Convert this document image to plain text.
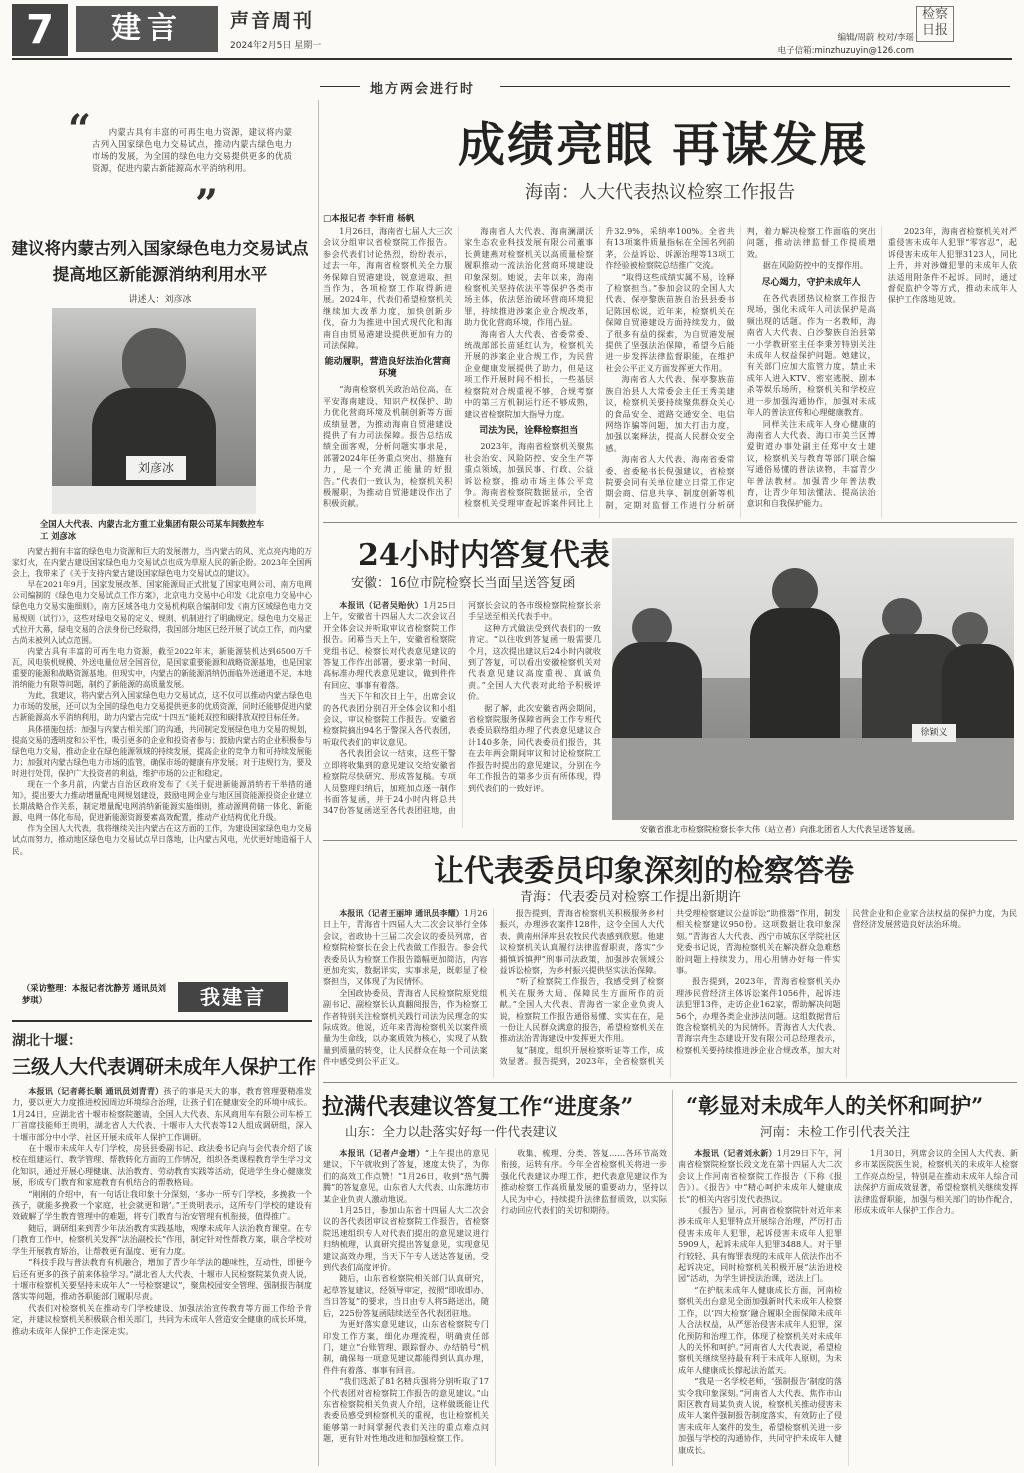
7	建言	声音周刊
2024年2月5日 星期一
编辑/周蔚 校对/李瑶
电子信箱:minzhuzuyin@126.com
检察日报
地方两会进行时
“	内蒙古具有丰富的可再生电力资源，建议将内蒙古列入国家绿色电力交易试点，推动内蒙古绿色电力市场的发展，为全国的绿色电力交易提供更多的优质资源，促进内蒙古新能源高水平消纳利用。
”
建议将内蒙古列入国家绿色电力交易试点
提高地区新能源消纳利用水平
讲述人：刘彦冰
刘彦冰
全国人大代表、内蒙古北方重工业集团有限公司某车间数控车工 刘彦冰

内蒙古拥有丰富的绿色电力资源和巨大的发展潜力，当内蒙古的风、光点亮内地的万家灯火，在内蒙古建设国家绿色电力交易试点也成为草原人民的新企盼。2023年全国两会上，我带来了《关于支持内蒙古建设国家绿色电力交易试点的建议》。

早在2021年9月，国家发展改革、国家能源局正式批复了国家电网公司、南方电网公司编制的《绿色电力交易试点工作方案》，北京电力交易中心印发《北京电力交易中心绿色电力交易实施细则》，南方区域各电力交易机构联合编制印发《南方区域绿色电力交易规则（试行）》，这些对绿电交易的定义、规则、机制进行了明确规定。绿色电力交易正式拉开大幕，绿电交易的合法身份已经取得，我国部分地区已经开展了试点工作，而内蒙古尚未被列入试点范围。

内蒙古具有丰富的可再生电力资源，截至2022年末，新能源装机达到6500万千瓦，风电装机规模、外送电量位居全国首位，是国家重要能源和战略资源基地，也是国家重要的能源和战略资源基地。但现实中，内蒙古的新能源消纳仍面临外送通道不足、本地消纳能力有限等问题，制约了新能源的高质量发展。

为此，我建议，将内蒙古列入国家绿色电力交易试点，这不仅可以推动内蒙古绿色电力市场的发展，还可以为全国的绿色电力交易提供更多的优质资源，同时还能够促进内蒙古新能源高水平消纳利用，助力内蒙古完成“十四五”能耗双控和碳排放双控目标任务。

具体措施包括：加强与内蒙古相关部门的沟通，共同制定发展绿色电力交易的规划，提高交易的透明度和公平性，吸引更多的企业和投资者参与；鼓励内蒙古的企业积极参与绿色电力交易，推动企业在绿色能源领域的持续发展，提高企业的竞争力和可持续发展能力；加强对内蒙古绿色电力市场的监管，确保市场的健康有序发展；对于违规行为，要及时进行处罚，保护广大投资者的利益，维护市场的公正和稳定。

现在一个多月前，内蒙古自治区政府发布了《关于促进新能源消纳若干举措的通知》，提出要大力推动增量配电网规划建设，鼓励电网企业与地区国资能源投资企业建立长期战略合作关系，制定增量配电网消纳新能源实施细则，推动源网荷储一体化、新能源、电网一体化布局，促进新能源资源要素高效配置，推动产业结构优化升级。

作为全国人大代表，我将继续关注内蒙古在这方面的工作，为建设国家绿色电力交易试点而努力，推动地区绿色电力交易试点早日落地，让内蒙古风电，光伏更好地造福于人民。

（采访整理：本报记者沈静芳 通讯员刘梦琪）	我建言
湖北十堰：
三级人大代表调研未成年人保护工作

本报讯（记者蒋长顺 通讯员刘青青）孩子的事是天大的事，教育管理要精准发力，要以更大力度推进校园周边环境综合治理，让孩子们在健康安全的环境中成长。1月24日，应湖北省十堰市检察院邀请，全国人大代表、东风商用车有限公司车桥工厂首席技能师王贵明，湖北省人大代表、十堰市人大代表等12人组成调研组，深入十堰市部分中小学、社区开展未成年人保护工作调研。

在十堰市未成年人专门学校，房县县委副书记、政法委书记向与会代表介绍了该校在组建运行、教学管理、帮教转化方面的工作情况，组织各类课程教育学生学习文化知识，通过开展心理健康、法治教育、劳动教育实践等活动，促进学生身心健康发展，形成专门教育和家庭教育有机结合的帮教格局。

“刚刚的介绍中，有一句话让我印象十分深刻，‘多办一所专门学校，多挽救一个孩子，就能多挽救一个家庭，社会就更和谐’。”王贵明表示，这所专门学校的建设有效破解了学生教育管理中的难题，将专门教育与治安管理有机衔接，值得推广。

随后，调研组来到青少年法治教育实践基地，观摩未成年人法治教育课堂。在专门教育工作中，检察机关发挥“法治副校长”作用，制定针对性帮教方案，联合学校对学生开展教育矫治，让帮教更有温度、更有力度。

“科技手段与普法教育有机融合，增加了青少年学法的趣味性，互动性，即便今后还有更多的孩子前来体验学习。”湖北省人大代表、十堰市人民检察院某负责人说，十堰市检察机关要坚持未成年人“一号检察建议”，聚焦校园安全管理、强制报告制度落实等问题，推动各职能部门履职尽责。

代表们对检察机关在推动专门学校建设、加强法治宣传教育等方面工作给予肯定，并建议检察机关积极联合相关部门，共同为未成年人营造安全健康的成长环境，推动未成年人保护工作走深走实。

成绩亮眼 再谋发展
海南：人大代表热议检察工作报告
□本报记者 李轩甫 杨帆

1月26日，海南省七届人大三次会议分组审议省检察院工作报告。参会代表们讨论热烈，纷纷表示，过去一年，海南省检察机关全力服务保障自贸港建设，锐意进取、担当作为，各项检察工作取得新进展。2024年，代表们希望检察机关继续加大改革力度，加快创新步伐，奋力为推进中国式现代化和海南自由贸易港建设提供更加有力的司法保障。

能动履职，营造良好法治化营商环境

“海南检察机关政治站位高，在平安海南建设、知识产权保护、助力优化营商环境及机制创新等方面成绩显著，为推动海南自贸港建设提供了有力司法保障。报告总结成绩全面客观，分析问题实事求是，部署2024年任务重点突出、措施有力，是一个充满正能量的好报告。”代表们一致认为，检察机关积极履职，为推动自贸港建设作出了积极贡献。

海南省人大代表、海南澜湖沃家生态农业科技发展有限公司董事长黄建燕对检察机关以高质量检察履职推动一流法治化营商环境建设印象深刻。她说，去年以来，海南检察机关坚持依法平等保护各类市场主体，依法惩治破坏营商环境犯罪，持续推进涉案企业合规改革，助力优化营商环境，作用凸显。

海南省人大代表、省委常委、统战部部长苗延红认为，检察机关开展的涉案企业合规工作，为民营企业健康发展提供了助力，但是这项工作开展时间不相长，一些基层检察院对合规重视不够，合规考察中的第三方机制运行还不够成熟，建议省检察院加大指导力度。

司法为民，诠释检察担当

2023年，海南省检察机关聚焦社会治安、风险防控、安全生产等重点领域，加强民事、行政、公益诉讼检察，推动市场主体公平竞争。海南省检察院数据显示，全省检察机关受理审查起诉案件同比上升32.9%，采纳率100%。全省共有13项案件质量指标在全国名列前茅，公益诉讼、诉源治理等13项工作经验被检察院总结推广交流。

“取得这些成绩实属不易，诠释了检察担当。”参加会议的全国人大代表、保亭黎族苗族自治县县委书记陈国松说，近年来，检察机关在保障自贸港建设方面持续发力，做了很多有益的探索，为自贸港发展提供了坚强法治保障，希望今后能进一步发挥法律监督职能，在维护社会公平正义方面发挥更大作用。

海南省人大代表、保亭黎族苗族自治县人大常委会主任王秀美建议，检察机关要持续聚焦群众关心的食品安全、道路交通安全、电信网络诈骗等问题，加大打击力度，加强以案释法，提高人民群众安全感。

海南省人大代表、海南省委常委、省委秘书长倪强建议，省检察院要会同有关单位建立日常工作定期会商、信息共享、制度创新等机制，定期对监督工作进行分析研判，着力解决检察工作面临的突出问题，推动法律监督工作提质增效。

据在风险防控中的支撑作用。

尽心竭力，守护未成年人

在各代表团热议检察工作报告现场，强化未成年人司法保护是高频出现的话题。作为一名教师，海南省人大代表、白沙黎族自治县第一小学教研室主任李秉芳特别关注未成年人权益保护问题。她建议，有关部门应加大监管力度，禁止未成年人进入KTV、密室逃脱、剧本杀等娱乐场所，检察机关和学校应进一步加强沟通协作，加强对未成年人的普法宣传和心理健康教育。

同样关注未成年人身心健康的海南省人大代表、海口市美兰区博爱街道办事处副主任郑中女士建议，检察机关与教育等部门联合编写通俗易懂的普法读物，丰富青少年普法教材。加强青少年普法教育，让青少年知法懂法、提高法治意识和自我保护能力。

2023年，海南省检察机关对严重侵害未成年人犯罪“零容忍”，起诉侵害未成年人犯罪3123人，同比上升，并对涉嫌犯罪的未成年人依法适用附条件不起诉。同时，通过督促监护令等方式，推动未成年人保护工作落地见效。

24小时内答复代表
安徽：16位市院检察长当面呈送答复函

本报讯（记者吴贻伙）1月25日上午，安徽省十四届人大二次会议召开全体会议并听取审议省检察院工作报告。闭幕当天上午，安徽省检察院党组书记、检察长对代表意见建议的答复工作作出部署，要求第一时间、高标准办理代表意见建议，做到件件有回应、事事有着落。

当天下午和次日上午，出席会议的各代表团分别召开全体会议和小组会议，审议检察院工作报告。安徽省检察院摘出94名于警深入各代表团，听取代表们的审议意见。

各代表团会议一结束，这些干警立即将收集到的意见建议交给安徽省检察院尽快研究、形成答复稿。专项人员整理归纳后，加班加点逐一制作书面答复函，并于24小时内将总共347份答复函送至各代表团驻地，由河察长会议的各市级检察院检察长亲手呈送至相关代表手中。

这种方式做法受到代表们的一致肯定。“以往收到答复函一般需要几个月，这次提出建议后24小时内就收到了答复，可以看出安徽检察机关对代表意见建议高度重视、真诚负责。”全国人大代表对此给予积极评价。

据了解，此次安徽省两会期间，省检察院服务保障省两会工作专班代表委员联络组办理了代表意见建议合计140多条，同代表委员们报告，其在去年两会期间审议和讨论检察院工作报告时提出的意见建议，分别在今年工作报告的第多少页有所体现，得到代表们的一致好评。

徐颖义
安徽省淮北市检察院检察长李大伟（站立者）向淮北团省人大代表呈送答复函。
让代表委员印象深刻的检察答卷
青海：代表委员对检察工作提出新期许

本报讯（记者王丽坤 通讯员李耀）1月26日上午，青海省十四届人大二次会议举行全体会议，省政协十三届二次会议的委员列席，省检察院检察长在会上代表做工作报告。参会代表委员认为检察工作报告篇幅更加简洁，内容更加充实，数据详实，实事求是，既彰显了检察担当，又体现了为民情怀。

全国政协委员、青海省人民检察院原党组副书记、副检察长认真翻阅报告，作为检察工作者特别关注检察机关践行司法为民理念的实际成效。他说，近年来青海检察机关以案件质量为生命线，以办案质效为核心，实现了从数量到质量的转变，让人民群众在每一个司法案件中感受到公平正义。

报告提到，青海省检察机关积极服务乡村振兴，办理涉农案件128件，这令全国人大代表、黄南州泽库县农牧民代表感到欣慰。他建议检察机关认真履行法律监督职责，落实“少捕慎诉慎押”刑事司法政策，加强涉农领域公益诉讼检察，为乡村振兴提供坚实法治保障。

“听了检察院工作报告，我感受到了检察机关在服务大局、保障民生方面所作的贡献。”全国人大代表、青海省一家企业负责人说，检察院工作报告通俗易懂、实实在在，是一份让人民群众满意的报告，希望检察机关在推动法治青海建设中发挥更大作用。

复”制度，组织开展检察听证等工作，成效显著。报告提到，2023年，全省检察机关共受理检察建议公益诉讼“助推器”作用，制发相关检察建议950份。这项数据让我印象深刻。”青海省人大代表、西宁市城东区学院社区党委书记说，青海检察机关在解决群众急难愁盼问题上持续发力，用心用情办好每一件实事。

报告提到，2023年，青海省检察机关办理涉民营经济主体诉讼案件1056件，起诉违法犯罪13件，走访企业162家，帮助解决问题56个，办理各类企业涉法问题。这组数据背后饱含检察机关的为民情怀。青海省人大代表、青海宗舟生态建设开发有限公司总经理表示，检察机关要持续推进涉企业合规改革，加大对民营企业和企业家合法权益的保护力度，为民营经济发展营造良好法治环境。

拉满代表建议答复工作“进度条”
山东：全力以赴落实好每一件代表建议

本报讯（记者卢金增）“上午提出的意见建议，下午就收到了答复，速度太快了，为你们的高效工作点赞！”1月26日，收到“热气腾腾”的答复意见，山东省人大代表、山东潍坊市某企业负责人激动地说。

1月25日，参加山东省十四届人大二次会议的各代表团审议省检察院工作报告，省检察院迅速组织专人对代表们提出的意见建议进行归纳梳理，认真研究提出答复意见，实现意见建议高效办理，当天下午专人送达答复函，受到代表们高度评价。

随后，山东省检察院相关部门认真研究，起草答复建议，经领导审定，按照“即收即办、当日答复”的要求，当日由专人将5路送出，随后，225份答复函陆续送至各代表团驻地。

为更好落实意见建议，山东省检察院专门印发工作方案，细化办理流程，明确责任部门，建立“台账管理、跟踪督办、办结销号”机制，确保每一项意见建议都能得到认真办理，件件有着落、事事有回音。

“我们选派了81名精兵强将分别听取了17个代表团对省检察院工作报告的意见建议。”山东省检察院相关负责人介绍，这样做既能让代表委员感受到检察机关的重视，也让检察机关能够第一时间掌握代表们关注的重点难点问题，更有针对性地改进和加强检察工作。

收集、梳理、分类、答复……各环节高效衔接，运转有序。今年全省检察机关将进一步强化代表建议办理工作，把代表意见建议作为推动检察工作高质量发展的重要动力，坚持以人民为中心，持续提升法律监督质效，以实际行动回应代表们的关切和期待。

“彰显对未成年人的关怀和呵护”
河南：未检工作引代表关注

本报讯（记者刘永新）1月29日下午，河南省检察院检察长段文龙在第十四届人大二次会议上作河南省检察院工作报告（下称《报告》）。《报告》中“精心呵护未成年人健康成长”的相关内容引发代表热议。

《报告》显示，河南省检察院针对近年来涉未成年人犯罪特点开展综合治理，严厉打击侵害未成年人犯罪，起诉侵害未成年人犯罪5909人，起诉未成年人犯罪3488人。对于罪行较轻、具有悔罪表现的未成年人依法作出不起诉决定，同时检察机关积极开展“法治进校园”活动，为学生讲授法治课，送法上门。

“在护航未成年人健康成长方面，河南检察机关出台意见全面加强新时代未成年人检察工作，以‘四大检察’融合履职全面保障未成年人合法权益，从严惩治侵害未成年人犯罪，深化预防和治理工作，体现了检察机关对未成年人的关怀和呵护。”河南省人大代表说，希望检察机关继续坚持最有利于未成年人原则，为未成年人健康成长撑起法治蓝天。

“我是一名学校老师，‘强制报告’制度的落实令我印象深刻。”河南省人大代表、焦作市山阳区教育局某负责人说，检察机关推动侵害未成年人案件强制报告制度落实，有效防止了侵害未成年人案件的发生，希望检察机关进一步加强与学校的沟通协作，共同守护未成年人健康成长。

1月30日，列席会议的全国人大代表、新乡市某医院医生说，检察机关的未成年人检察工作亮点纷呈，特别是在推动未成年人综合司法保护方面成效显著，希望检察机关继续发挥法律监督职能，加强与相关部门的协作配合，形成未成年人保护工作合力。
